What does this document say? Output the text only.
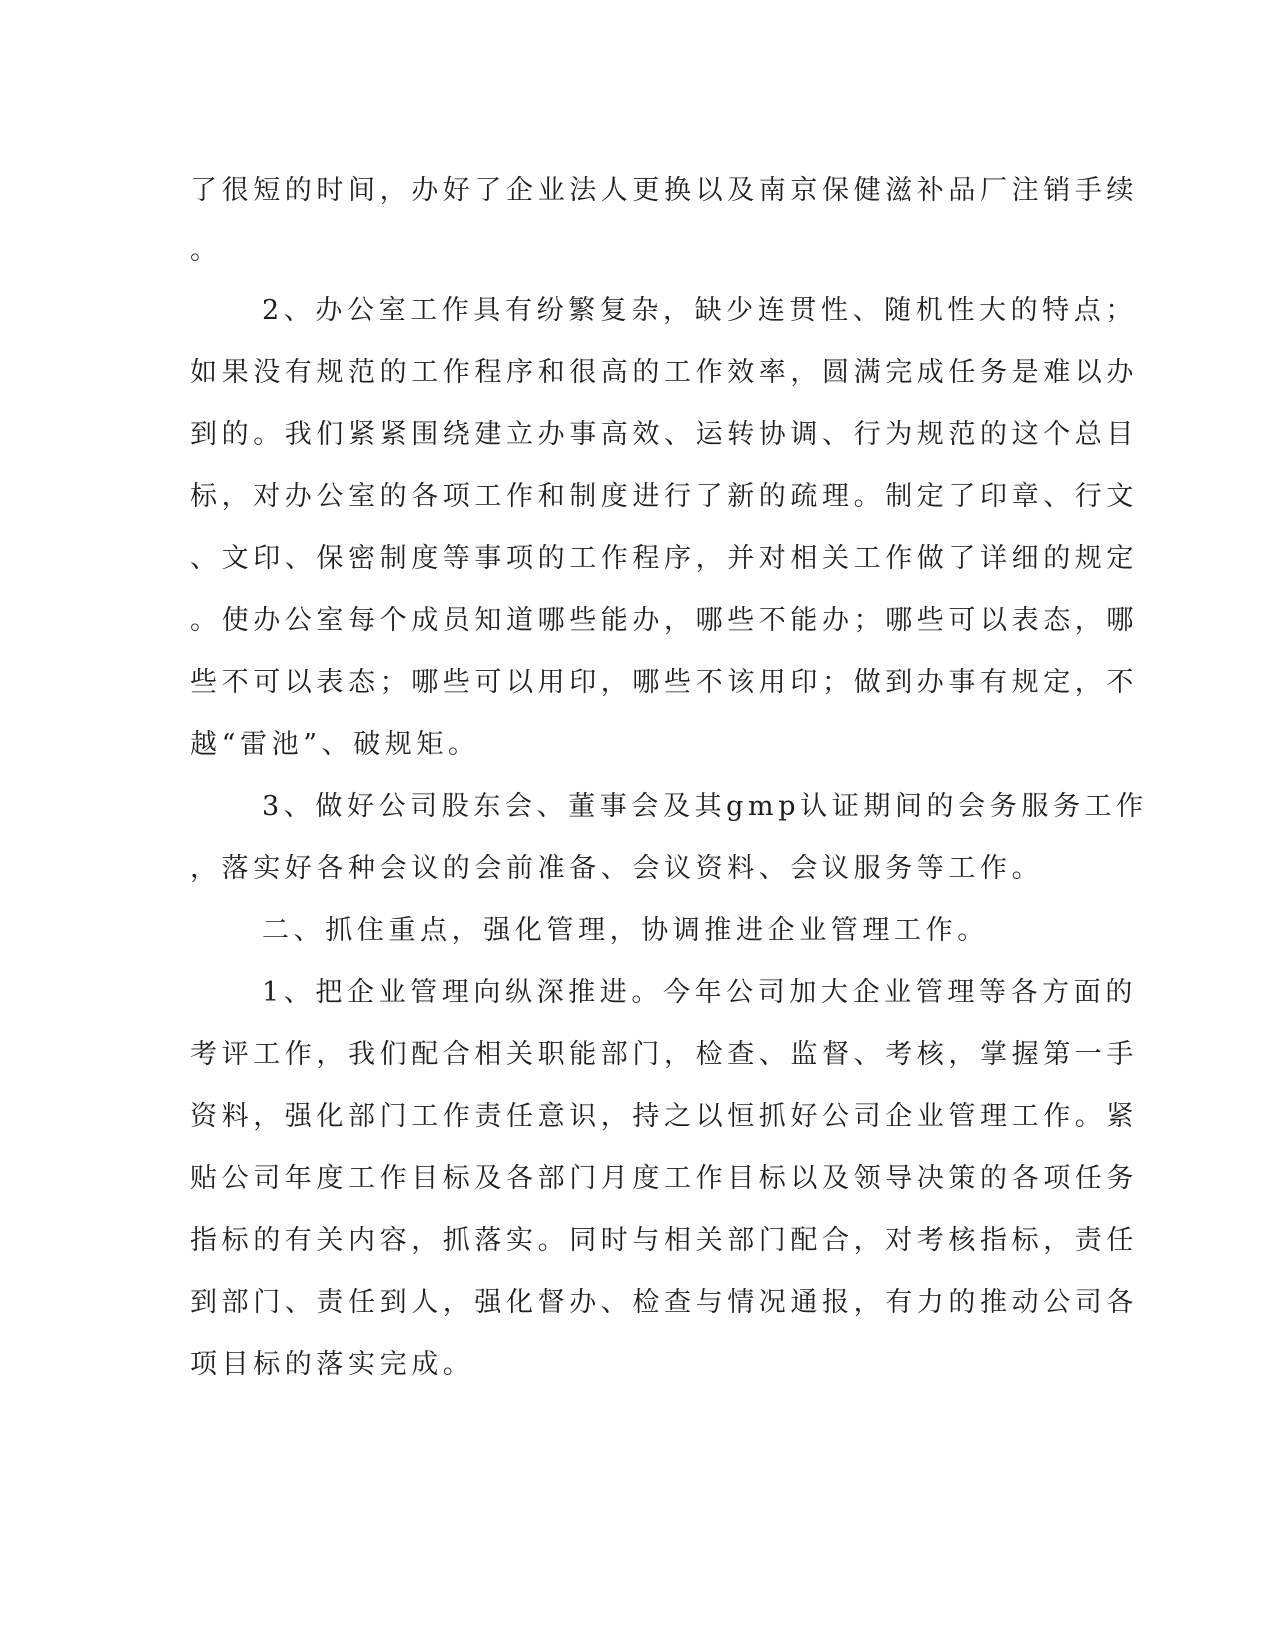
了很短的时间，办好了企业法人更换以及南京保健滋补品厂注销手续
。
2、办公室工作具有纷繁复杂，缺少连贯性、随机性大的特点；
如果没有规范的工作程序和很高的工作效率，圆满完成任务是难以办
到的。我们紧紧围绕建立办事高效、运转协调、行为规范的这个总目
标，对办公室的各项工作和制度进行了新的疏理。制定了印章、行文
、文印、保密制度等事项的工作程序，并对相关工作做了详细的规定
。使办公室每个成员知道哪些能办，哪些不能办；哪些可以表态，哪
些不可以表态；哪些可以用印，哪些不该用印；做到办事有规定，不
越“雷池”、破规矩。
3、做好公司股东会、董事会及其gmp认证期间的会务服务工作
，落实好各种会议的会前准备、会议资料、会议服务等工作。
二、抓住重点，强化管理，协调推进企业管理工作。
1、把企业管理向纵深推进。今年公司加大企业管理等各方面的
考评工作，我们配合相关职能部门，检查、监督、考核，掌握第一手
资料，强化部门工作责任意识，持之以恒抓好公司企业管理工作。紧
贴公司年度工作目标及各部门月度工作目标以及领导决策的各项任务
指标的有关内容，抓落实。同时与相关部门配合，对考核指标，责任
到部门、责任到人，强化督办、检查与情况通报，有力的推动公司各
项目标的落实完成。
